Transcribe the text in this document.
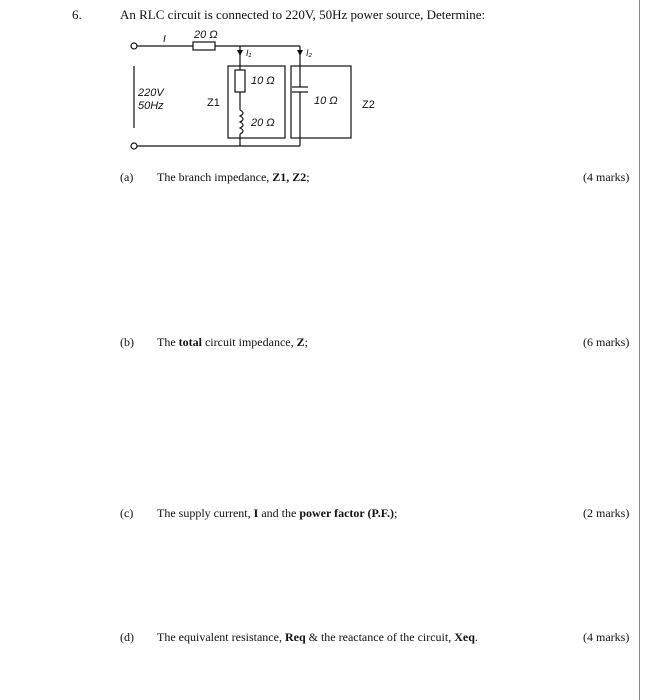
6.	An RLC circuit is connected to 220V, 50Hz power source, Determine:
I	20 Ω
220V
50Hz
I₁	I₂
Z1
10 Ω
20 Ω
10 Ω Z2
(a) The branch impedance, Z1, Z2;	(4 marks)
(b) The total circuit impedance, Z;	(6 marks)
(c) The supply current, I and the power factor (P.F.);	(2 marks)
(d) The equivalent resistance, Req & the reactance of the circuit, Xeq.	(4 marks)
